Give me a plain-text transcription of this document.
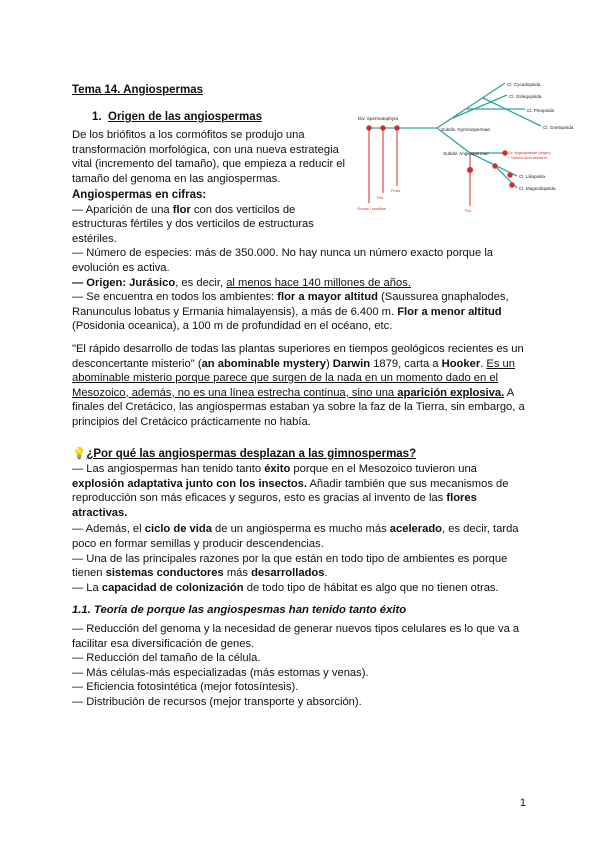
Tema 14. Angiospermas
1. Origen de las angiospermas
Cl. Cycadopsida
Cl. Ginkgopsida
Cl. Pinopsida
Cl. Gnetopsida
Div. Spermatophyta
Subdiv. Gymnospermae
Subdiv. Angiospermae	Ov. Angiospermae (origen)
+ Nuevos tipos celulares
Cl. Liliopsida
Cl. Magnoliopsida
Óvulos / semillas
Flor
Fruto
Flor
De los briófitos a los cormófitos se produjo una
transformación morfológica, con una nueva estrategia
vital (incremento del tamaño), que empieza a reducir el
tamaño del genoma en las angiospermas.
Angiospermas en cifras:
— Aparición de una flor con dos verticilos de
estructuras fértiles y dos verticilos de estructuras
estériles.
— Número de especies: más de 350.000. No hay nunca un número exacto porque la
evolución es activa.
— Origen: Jurásico, es decir, al menos hace 140 millones de años.
— Se encuentra en todos los ambientes: flor a mayor altitud (Saussurea gnaphalodes,
Ranunculus lobatus y Ermania himalayensis), a más de 6.400 m. Flor a menor altitud
(Posidonia oceanica), a 100 m de profundidad en el océano, etc.
"El rápido desarrollo de todas las plantas superiores en tiempos geológicos recientes es un
desconcertante misterio" (an abominable mystery) Darwin 1879, carta a Hooker. Es un
abominable misterio porque parece que surgen de la nada en un momento dado en el
Mesozoico, además, no es una línea estrecha continua, sino una aparición explosiva. A
finales del Cretácico, las angiospermas estaban ya sobre la faz de la Tierra, sin embargo, a
principios del Cretácico prácticamente no había.
💡¿Por qué las angiospermas desplazan a las gimnospermas?
— Las angiospermas han tenido tanto éxito porque en el Mesozoico tuvieron una
explosión adaptativa junto con los insectos. Añadir también que sus mecanismos de
reproducción son más eficaces y seguros, esto es gracias al invento de las flores
atractivas.
— Además, el ciclo de vida de un angiosperma es mucho más acelerado, es decir, tarda
poco en formar semillas y producir descendencias.
— Una de las principales razones por la que están en todo tipo de ambientes es porque
tienen sistemas conductores más desarrollados.
— La capacidad de colonización de todo tipo de hábitat es algo que no tienen otras.
1.1. Teoría de porque las angiospesmas han tenido tanto éxito
— Reducción del genoma y la necesidad de generar nuevos tipos celulares es lo que va a
facilitar esa diversificación de genes.
— Reducción del tamaño de la célula.
— Más células-más especializadas (más estomas y venas).
— Eficiencia fotosintética (mejor fotosíntesis).
— Distribución de recursos (mejor transporte y absorción).
1
